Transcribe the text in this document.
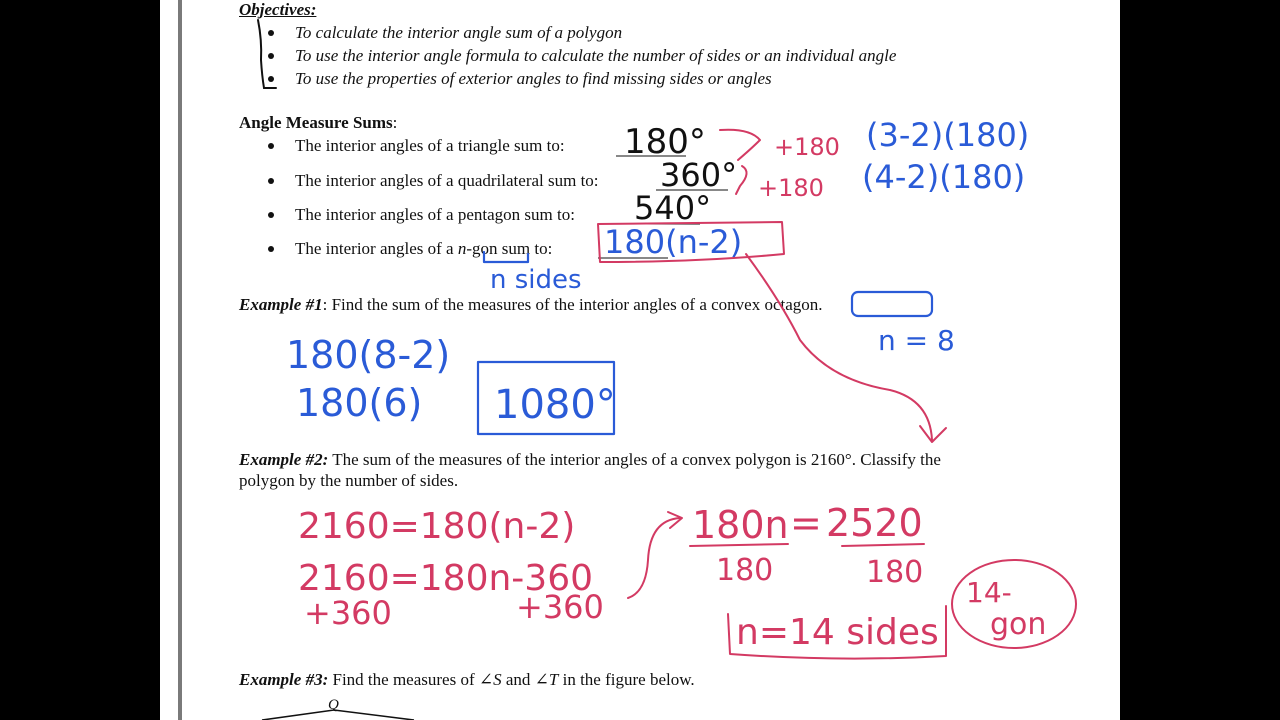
Objectives:
To calculate the interior angle sum of a polygon
To use the interior angle formula to calculate the number of sides or an individual angle
To use the properties of exterior angles to find missing sides or angles
Angle Measure Sums:
The interior angles of a triangle sum to:
The interior angles of a quadrilateral sum to:
The interior angles of a pentagon sum to:
The interior angles of a n-gon sum to:
Example #1: Find the sum of the measures of the interior angles of a convex octagon.
Example #2: The sum of the measures of the interior angles of a convex polygon is 2160°. Classify the
polygon by the number of sides.
Example #3: Find the measures of ∠S and ∠T in the figure below.
180°
360°
540°
+180
+180
(3-2)(180)
(4-2)(180)
180(n-2)
n sides
n = 8
180(8-2)
180(6) 1080°
2160=180(n-2)
2160=180n-360
+360	+360
180n = 2520
180	180
n=14 sides
14-
gon
Q
